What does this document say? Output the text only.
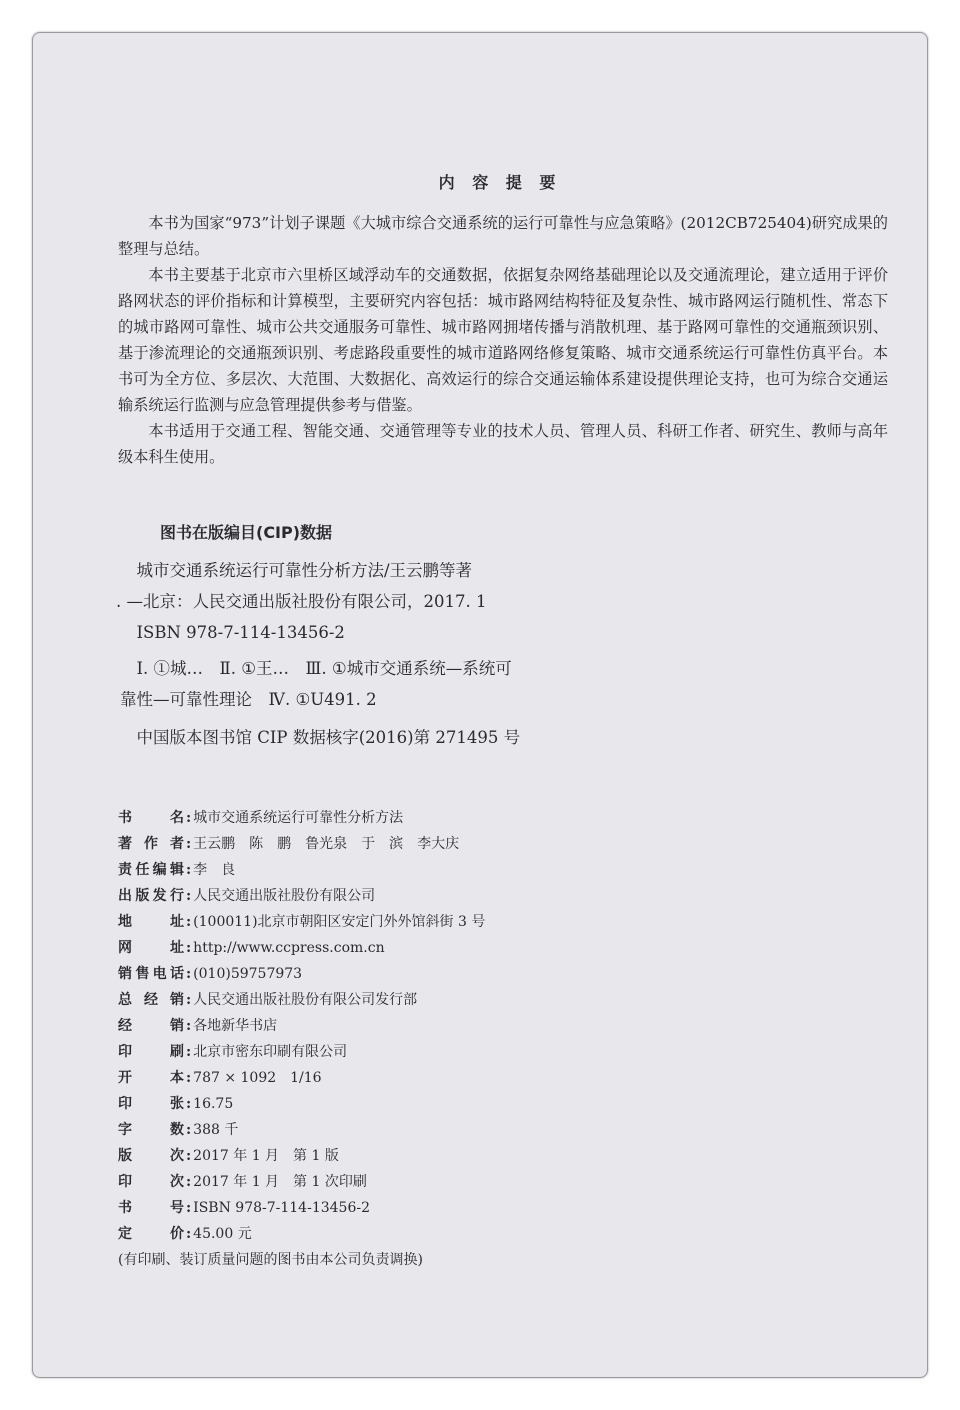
内 容 提 要

本书为国家“973”计划子课题《大城市综合交通系统的运行可靠性与应急策略》(2012CB725404)研究成果的整理与总结。

本书主要基于北京市六里桥区域浮动车的交通数据，依据复杂网络基础理论以及交通流理论，建立适用于评价路网状态的评价指标和计算模型，主要研究内容包括：城市路网结构特征及复杂性、城市路网运行随机性、常态下的城市路网可靠性、城市公共交通服务可靠性、城市路网拥堵传播与消散机理、基于路网可靠性的交通瓶颈识别、基于渗流理论的交通瓶颈识别、考虑路段重要性的城市道路网络修复策略、城市交通系统运行可靠性仿真平台。本书可为全方位、多层次、大范围、大数据化、高效运行的综合交通运输体系建设提供理论支持，也可为综合交通运输系统运行监测与应急管理提供参考与借鉴。

本书适用于交通工程、智能交通、交通管理等专业的技术人员、管理人员、科研工作者、研究生、教师与高年级本科生使用。

图书在版编目(CIP)数据
　城市交通系统运行可靠性分析方法/王云鹏等著
. —北京：人民交通出版社股份有限公司，2017. 1
　ISBN 978-7-114-13456-2
　Ⅰ. ①城…　Ⅱ. ①王…　Ⅲ. ①城市交通系统—系统可
靠性—可靠性理论　Ⅳ. ①U491. 2
　中国版本图书馆 CIP 数据核字(2016)第 271495 号
书名 : 城市交通系统运行可靠性分析方法
著作者 : 王云鹏　陈　鹏　鲁光泉　于　滨　李大庆
责任编辑 : 李　良
出版发行 : 人民交通出版社股份有限公司
地址 : (100011)北京市朝阳区安定门外外馆斜街 3 号
网址 : http://www.ccpress.com.cn
销售电话 : (010)59757973
总经销 : 人民交通出版社股份有限公司发行部
经销 : 各地新华书店
印刷 : 北京市密东印刷有限公司
开本 : 787 × 1092　1/16
印张 : 16.75
字数 : 388 千
版次 : 2017 年 1 月　第 1 版
印次 : 2017 年 1 月　第 1 次印刷
书号 : ISBN 978-7-114-13456-2
定价 : 45.00 元
(有印刷、装订质量问题的图书由本公司负责调换)
